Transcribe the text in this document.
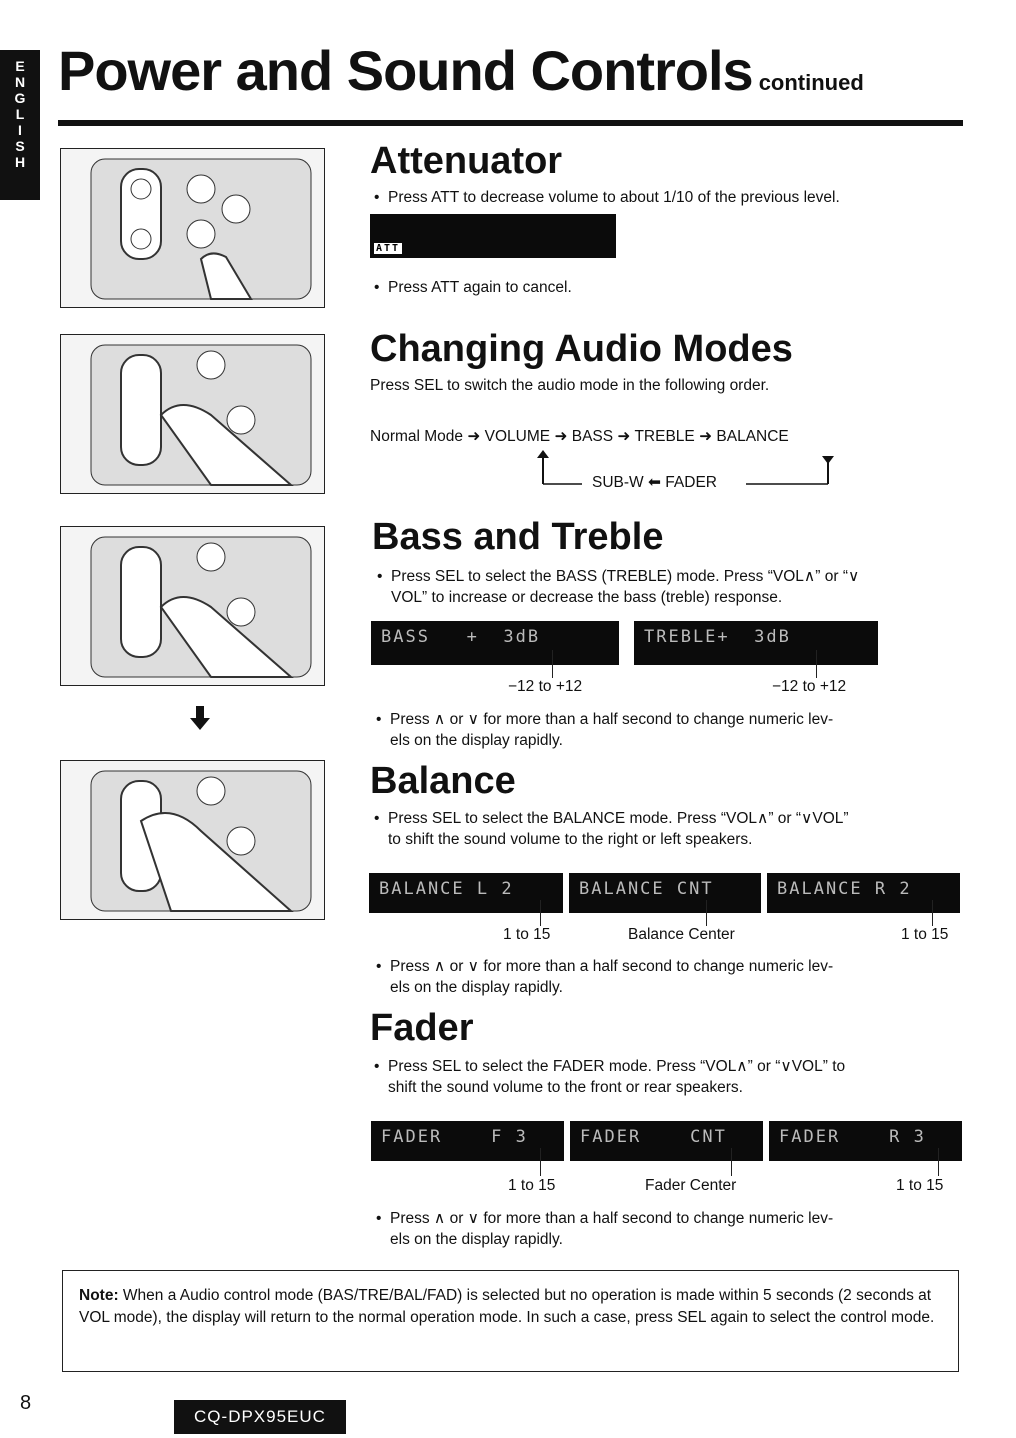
E
N
G
L
I
S
H
Power and Sound Controls continued
Attenuator
• Press ATT to decrease volume to about 1/10 of the previous level.

ATT

• Press ATT again to cancel.
Changing Audio Modes
Press SEL to switch the audio mode in the following order.
Normal Mode ➜ VOLUME ➜ BASS ➜ TREBLE ➜ BALANCE
SUB-W ⬅ FADER
Bass and Treble
• Press SEL to select the BASS (TREBLE) mode. Press “VOL∧” or “∨
VOL” to increase or decrease the bass (treble) response.
BASS   +  3dB	TREBLE+  3dB
−12 to +12	−12 to +12
• Press ∧ or ∨ for more than a half second to change numeric lev-
els on the display rapidly.
Balance
• Press SEL to select the BALANCE mode. Press “VOL∧” or “∨VOL”
to shift the sound volume to the right or left speakers.
BALANCE L 2	BALANCE CNT	BALANCE R 2
1 to 15	Balance Center	1 to 15
• Press ∧ or ∨ for more than a half second to change numeric lev-
els on the display rapidly.
Fader
• Press SEL to select the FADER mode. Press “VOL∧” or “∨VOL” to
shift the sound volume to the front or rear speakers.
FADER    F 3	FADER    CNT	FADER    R 3
1 to 15	Fader Center	1 to 15
• Press ∧ or ∨ for more than a half second to change numeric lev-
els on the display rapidly.
Note: When a Audio control mode (BAS/TRE/BAL/FAD) is selected but no operation is made within 5 seconds (2 seconds at VOL mode), the display will return to the normal operation mode. In such a case, press SEL again to select the control mode.
8
CQ-DPX95EUC
